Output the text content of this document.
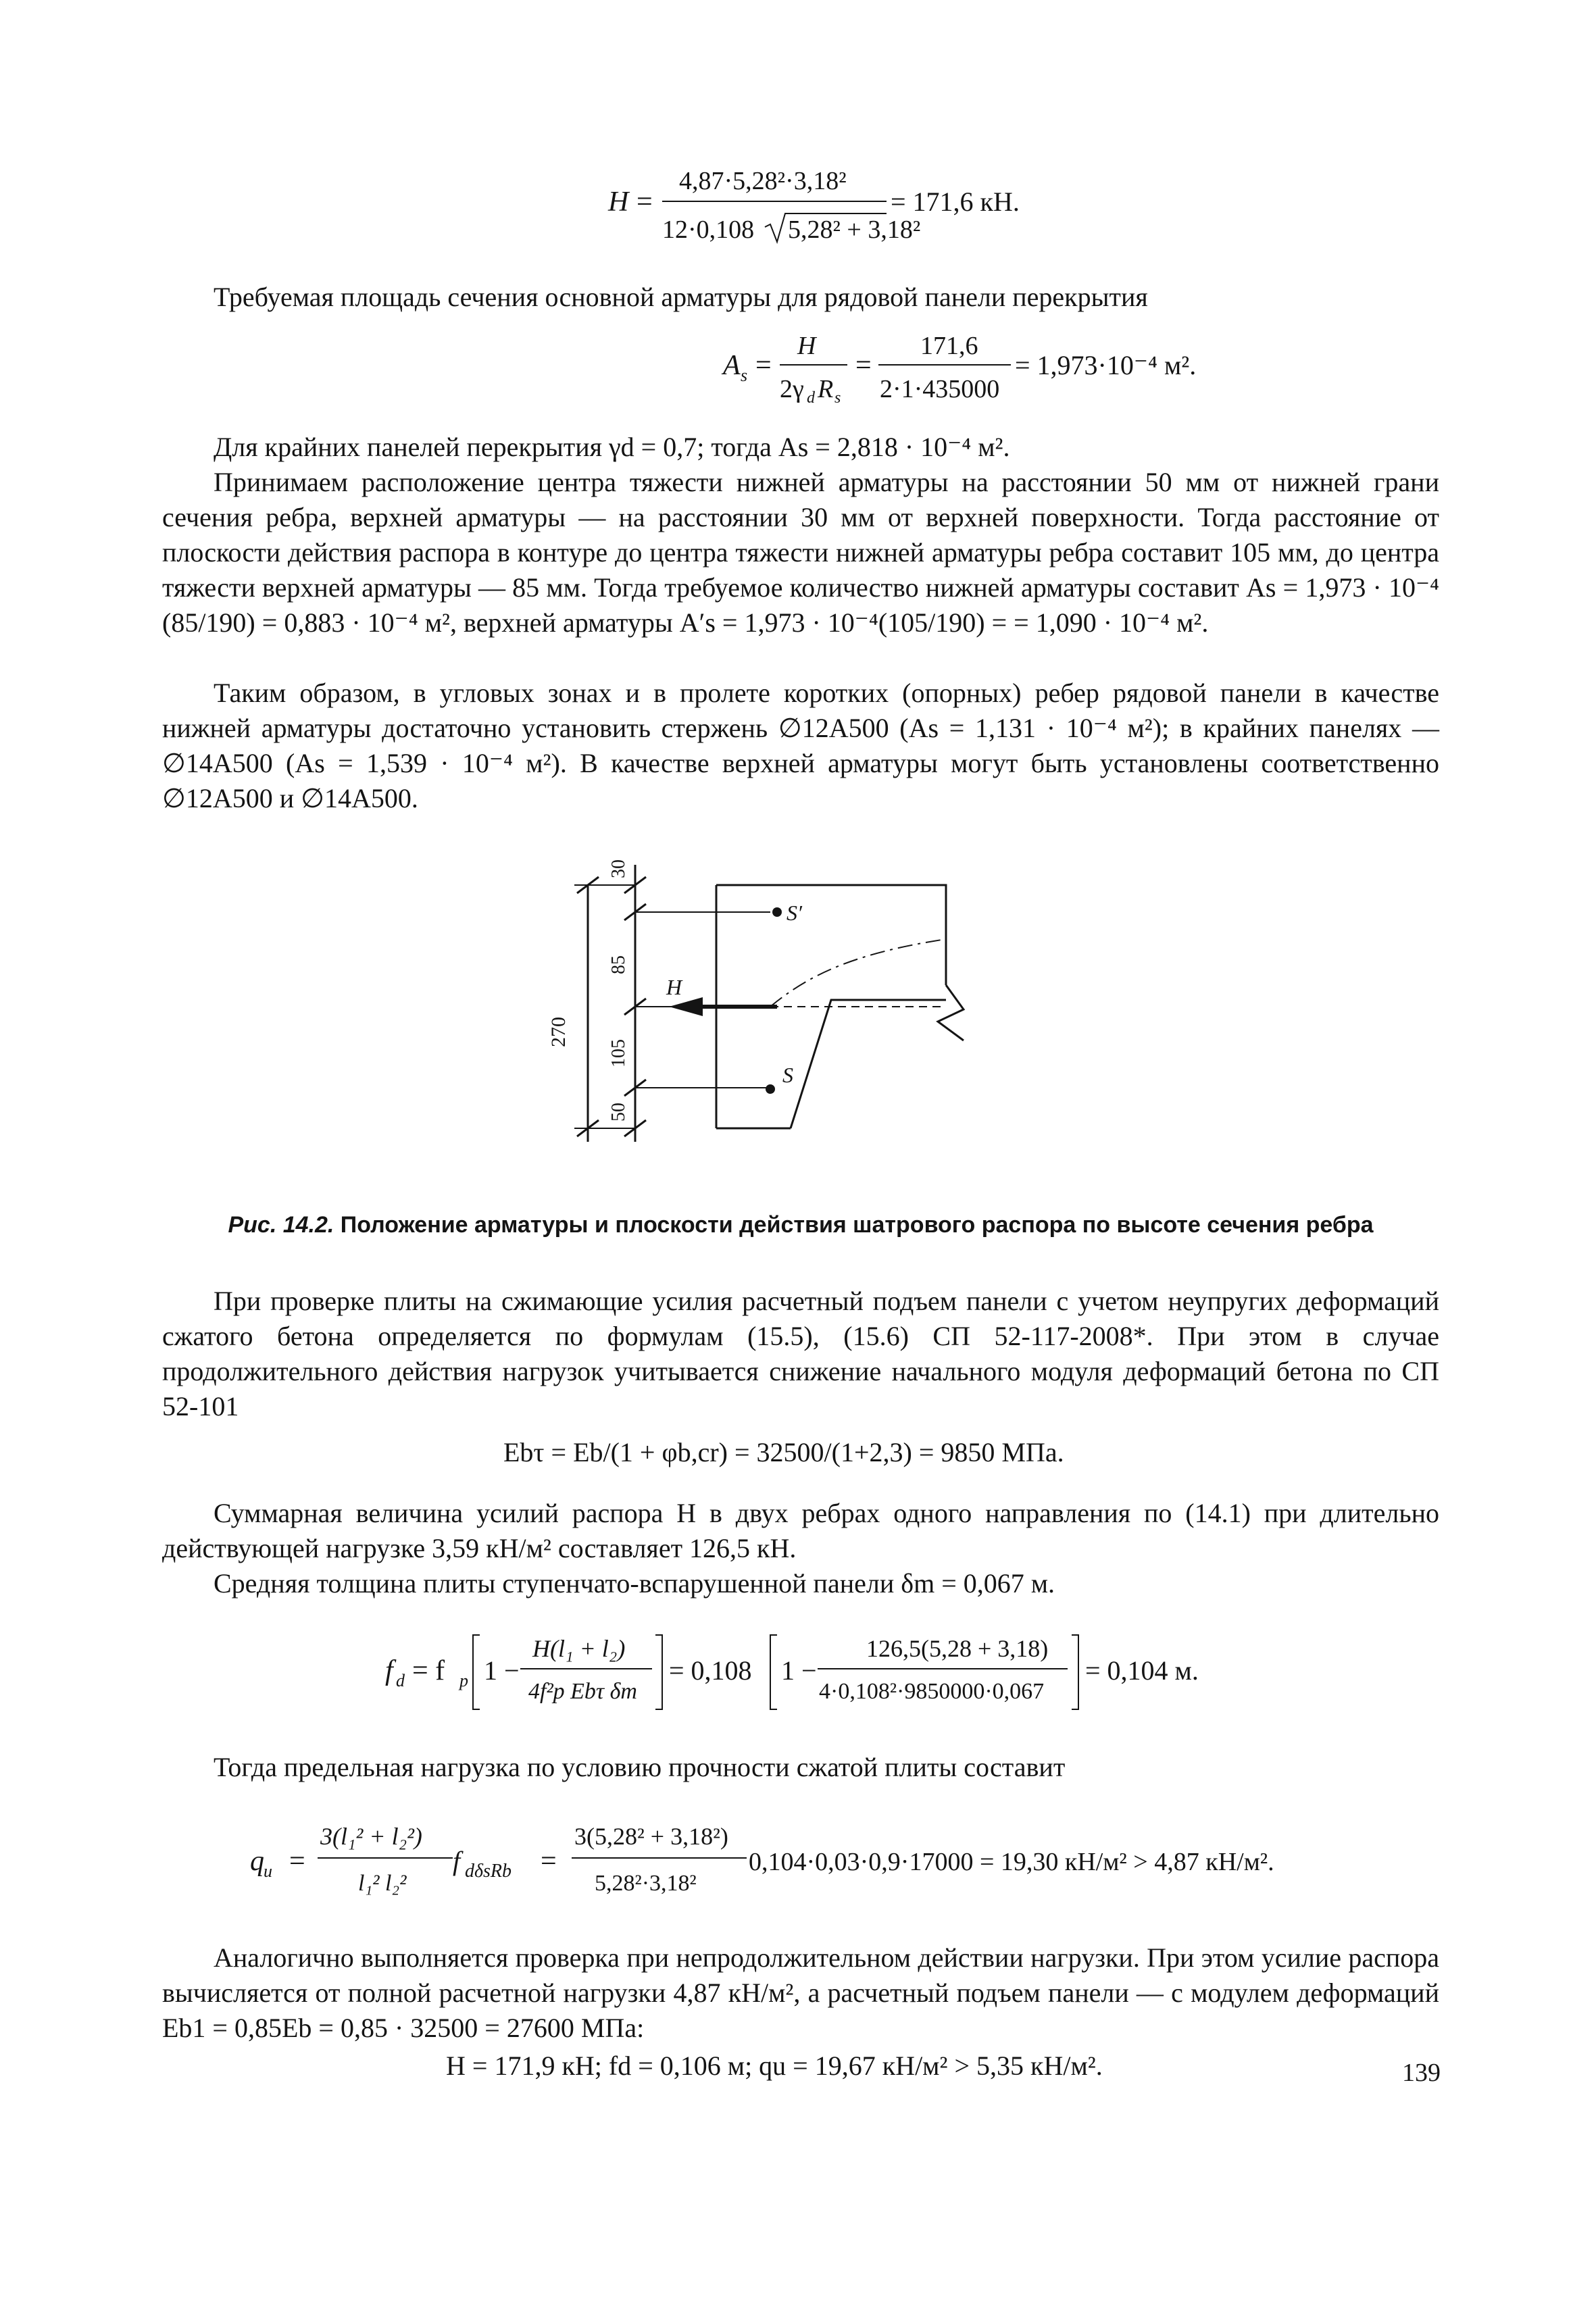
H =
4,87·5,28²·3,18²
12·0,108 5,28² + 3,18²
= 171,6 кН.
Требуемая площадь сечения основной арматуры для рядовой панели перекрытия
A s =
H
2γ d R s
=
171,6
2·1·435000
= 1,973·10⁻⁴ м².
Для крайних панелей перекрытия γd = 0,7; тогда As = 2,818 · 10⁻⁴ м².
Принимаем расположение центра тяжести нижней арматуры на расстоянии 50 мм от нижней грани сечения ребра, верхней арматуры — на расстоянии 30 мм от верхней поверхности. Тогда расстояние от плоскости действия распора в контуре до центра тяжести нижней арматуры ребра составит 105 мм, до центра тяжести верхней арматуры — 85 мм. Тогда требуемое количество нижней арматуры составит As = 1,973 · 10⁻⁴ (85/190) = 0,883 · 10⁻⁴ м², верхней арматуры A′s = 1,973 · 10⁻⁴(105/190) = = 1,090 · 10⁻⁴ м².
Таким образом, в угловых зонах и в пролете коротких (опорных) ребер рядовой панели в качестве нижней арматуры достаточно установить стержень ∅12A500 (As = 1,131 · 10⁻⁴ м²); в крайних панелях — ∅14A500 (As = 1,539 · 10⁻⁴ м²). В качестве верхней арматуры могут быть установлены соответственно ∅12A500 и ∅14A500.
270
30
85
105
50
H
S′
S
Рис. 14.2. Положение арматуры и плоскости действия шатрового распора по высоте сечения ребра
При проверке плиты на сжимающие усилия расчетный подъем панели с учетом неупругих деформаций сжатого бетона определяется по формулам (15.5), (15.6) СП 52-117-2008*. При этом в случае продолжительного действия нагрузок учитывается снижение начального модуля деформаций бетона по СП 52-101
Ebτ = Eb/(1 + φb,cr) = 32500/(1+2,3) = 9850 МПа.
Суммарная величина усилий распора H в двух ребрах одного направления по (14.1) при длительно действующей нагрузке 3,59 кН/м² составляет 126,5 кН.
Средняя толщина плиты ступенчато-вспарушенной панели δm = 0,067 м.
f d = f p 1 −
H(l₁ + l₂)
4f²p Ebτ δm
= 0,108 1 −
126,5(5,28 + 3,18)
4·0,108²·9850000·0,067
= 0,104 м.
Тогда предельная нагрузка по условию прочности сжатой плиты составит
q u =
3(l₁² + l₂²)
l₁² l₂²
f dδsRb =
3(5,28² + 3,18²)
5,28²·3,18²
0,104·0,03·0,9·17000 = 19,30 кН/м² > 4,87 кН/м².
Аналогично выполняется проверка при непродолжительном действии нагрузки. При этом усилие распора вычисляется от полной расчетной нагрузки 4,87 кН/м², а расчетный подъем панели — с модулем деформаций Eb1 = 0,85Eb = 0,85 · 32500 = 27600 МПа:
H = 171,9 кН; fd = 0,106 м; qu = 19,67 кН/м² > 5,35 кН/м².	139
